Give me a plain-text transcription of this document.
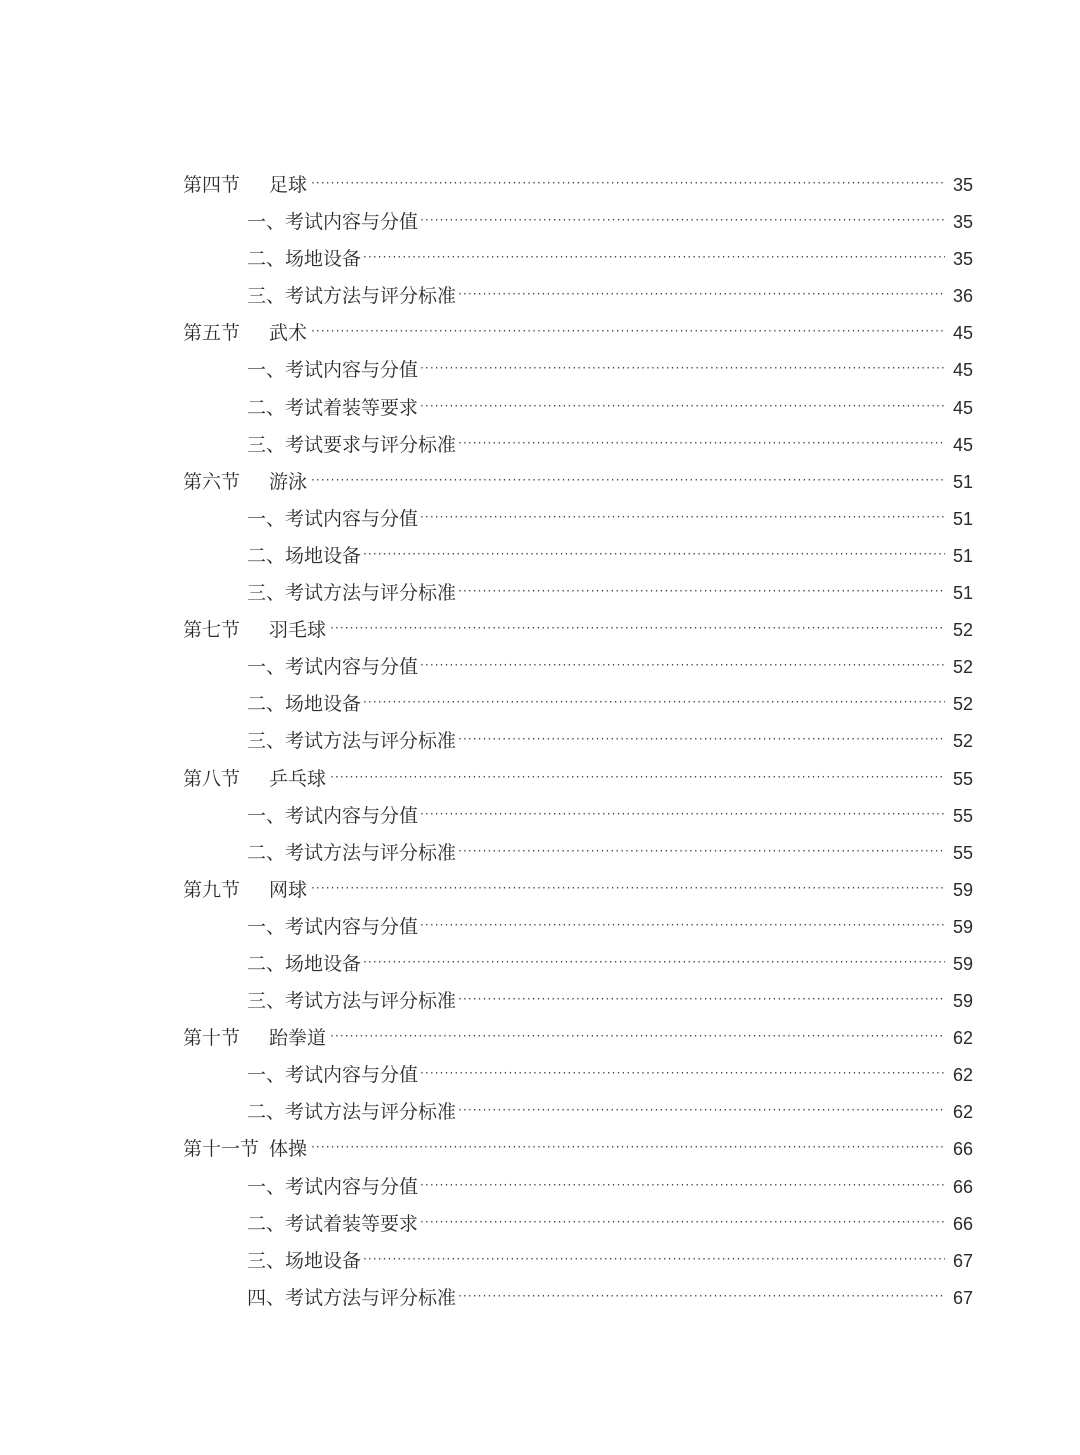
第四节	足球 ·····	35
一、考试内容与分值 ·····	35
二、场地设备 ·····	35
三、考试方法与评分标准 ·····	36
第五节	武术 ·····	45
一、考试内容与分值 ·····	45
二、考试着装等要求 ·····	45
三、考试要求与评分标准 ·····	45
第六节	游泳 ·····	51
一、考试内容与分值 ·····	51
二、场地设备 ·····	51
三、考试方法与评分标准 ·····	51
第七节	羽毛球 ·····	52
一、考试内容与分值 ·····	52
二、场地设备 ·····	52
三、考试方法与评分标准 ·····	52
第八节	乒乓球 ·····	55
一、考试内容与分值 ·····	55
二、考试方法与评分标准 ·····	55
第九节	网球 ·····	59
一、考试内容与分值 ·····	59
二、场地设备 ·····	59
三、考试方法与评分标准 ·····	59
第十节	跆拳道 ·····	62
一、考试内容与分值 ·····	62
二、考试方法与评分标准 ·····	62
第十一节 体操 ·····	66
一、考试内容与分值 ·····	66
二、考试着装等要求 ·····	66
三、场地设备 ·····	67
四、考试方法与评分标准 ·····	67
